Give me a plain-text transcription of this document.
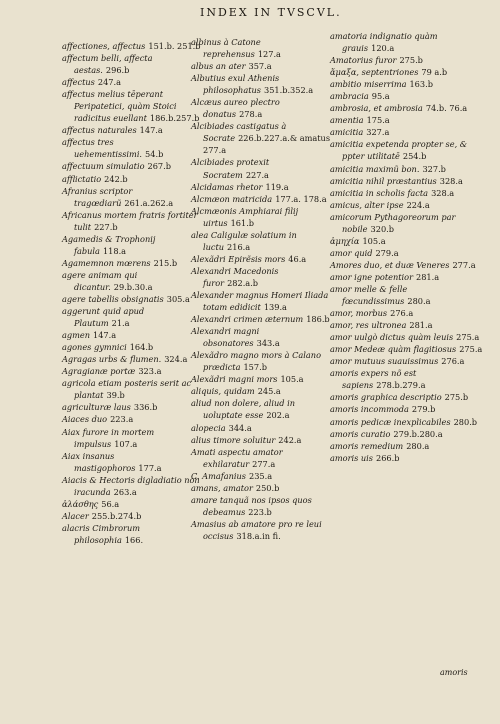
INDEX IN TVSCVL.

affectiones, affectus 151.b. 251.b

affectum belli, affecta aestas. 296.b

affectus 247.a

affectus melius tēperant Peripatetici, quàm Stoici radicitus euellant 186.b.257.b

affectus naturales 147.a

affectus tres uehementissimi. 54.b

affectuum simulatio 267.b

afflictatio 242.b

Afranius scriptor tragœdiarũ 261.a.262.a

Africanus mortem fratris fortiter tulit 227.b

Agamedis & Trophonij fabula 118.a

Agamemnon mœrens 215.b

agere animam qui dicantur. 29.b.30.a

agere tabellis obsignatis 305.a

aggerunt quid apud Plautum 21.a

agmen 147.a

agones gymnici 164.b

Agragas urbs & flumen. 324.a

Agragianæ portæ 323.a

agricola etiam posteris serit ac plantat 39.b

agriculturæ laus 336.b

Aiaces duo 223.a

Aiax furore in mortem impulsus 107.a

Aiax insanus mastigophoros 177.a

Aiacis & Hectoris digladiatio non iracunda 263.a

ἀλάσθης 56.a

Alacer 255.b.274.b

alacris Cimbrorum philosophia 166.

albinus à Catone reprehensus 127.a

albus an ater 357.a

Albutius exul Athenis philosophatus 351.b.352.a

Alcæus aureo plectro donatus 278.a

Alcibiades castigatus à Socrate 226.b.227.a.& amatus 277.a

Alcibiades protexit Socratem 227.a

Alcidamas rhetor 119.a

Alcmæon matricida 177.a. 178.a

Alcmæonis Amphiarai filij uirtus 161.b

alea Caligulæ solatium in luctu 216.a

Alexãdri Epirẽsis mors 46.a

Alexandri Macedonis furor 282.a.b

Alexander magnus Homeri Iliada totam edidicit 139.a

Alexandri crimen æternum 186.b

Alexandri magni obsonatores 343.a

Alexãdro magno mors à Calano prædicta 157.b

Alexãdri magni mors 105.a

aliquis, quidam 245.a

aliud non dolere, aliud in uoluptate esse 202.a

alopecia 344.a

alius timore soluitur 242.a

Amati aspectu amator exhilaratur 277.a

C. Amafanius 235.a

amans, amator 250.b

amare tanquã nos ipsos quos debeamus 223.b

Amasius ab amatore pro re leui occisus 318.a.in fi.

amatoria indignatio quàm grauis 120.a

Amatorius furor 275.b

ἅμαξα, septentriones 79 a.b

ambitio miserrima 163.b

ambracia 95.a

ambrosia, et ambrosia 74.b. 76.a

amentia 175.a

amicitia 327.a

amicitia expetenda propter se, & ppter utilitatē 254.b

amicitia maximũ bon. 327.b

amicitia nihil præstantius 328.a

amicitia in scholis facta 328.a

amicus, alter ipse 224.a

amicorum Pythagoreorum par nobile 320.b

ἀμηχία 105.a

amor quid 279.a

Amores duo, et duæ Veneres 277.a

amor igne potentior 281.a

amor melle & felle fœcundissimus 280.a

amor, morbus 276.a

amor, res ultronea 281.a

amor uulgò dictus quàm leuis 275.a

amor Medeæ quàm flagitiosus 275.a

amor mutuus suauissimus 276.a

amoris expers nõ est sapiens 278.b.279.a

amoris graphica descriptio 275.b

amoris incommoda 279.b

amoris pedicæ inexplicabiles 280.b

amoris curatio 279.b.280.a

amoris remedium 280.a

amoris uis 266.b

amoris
